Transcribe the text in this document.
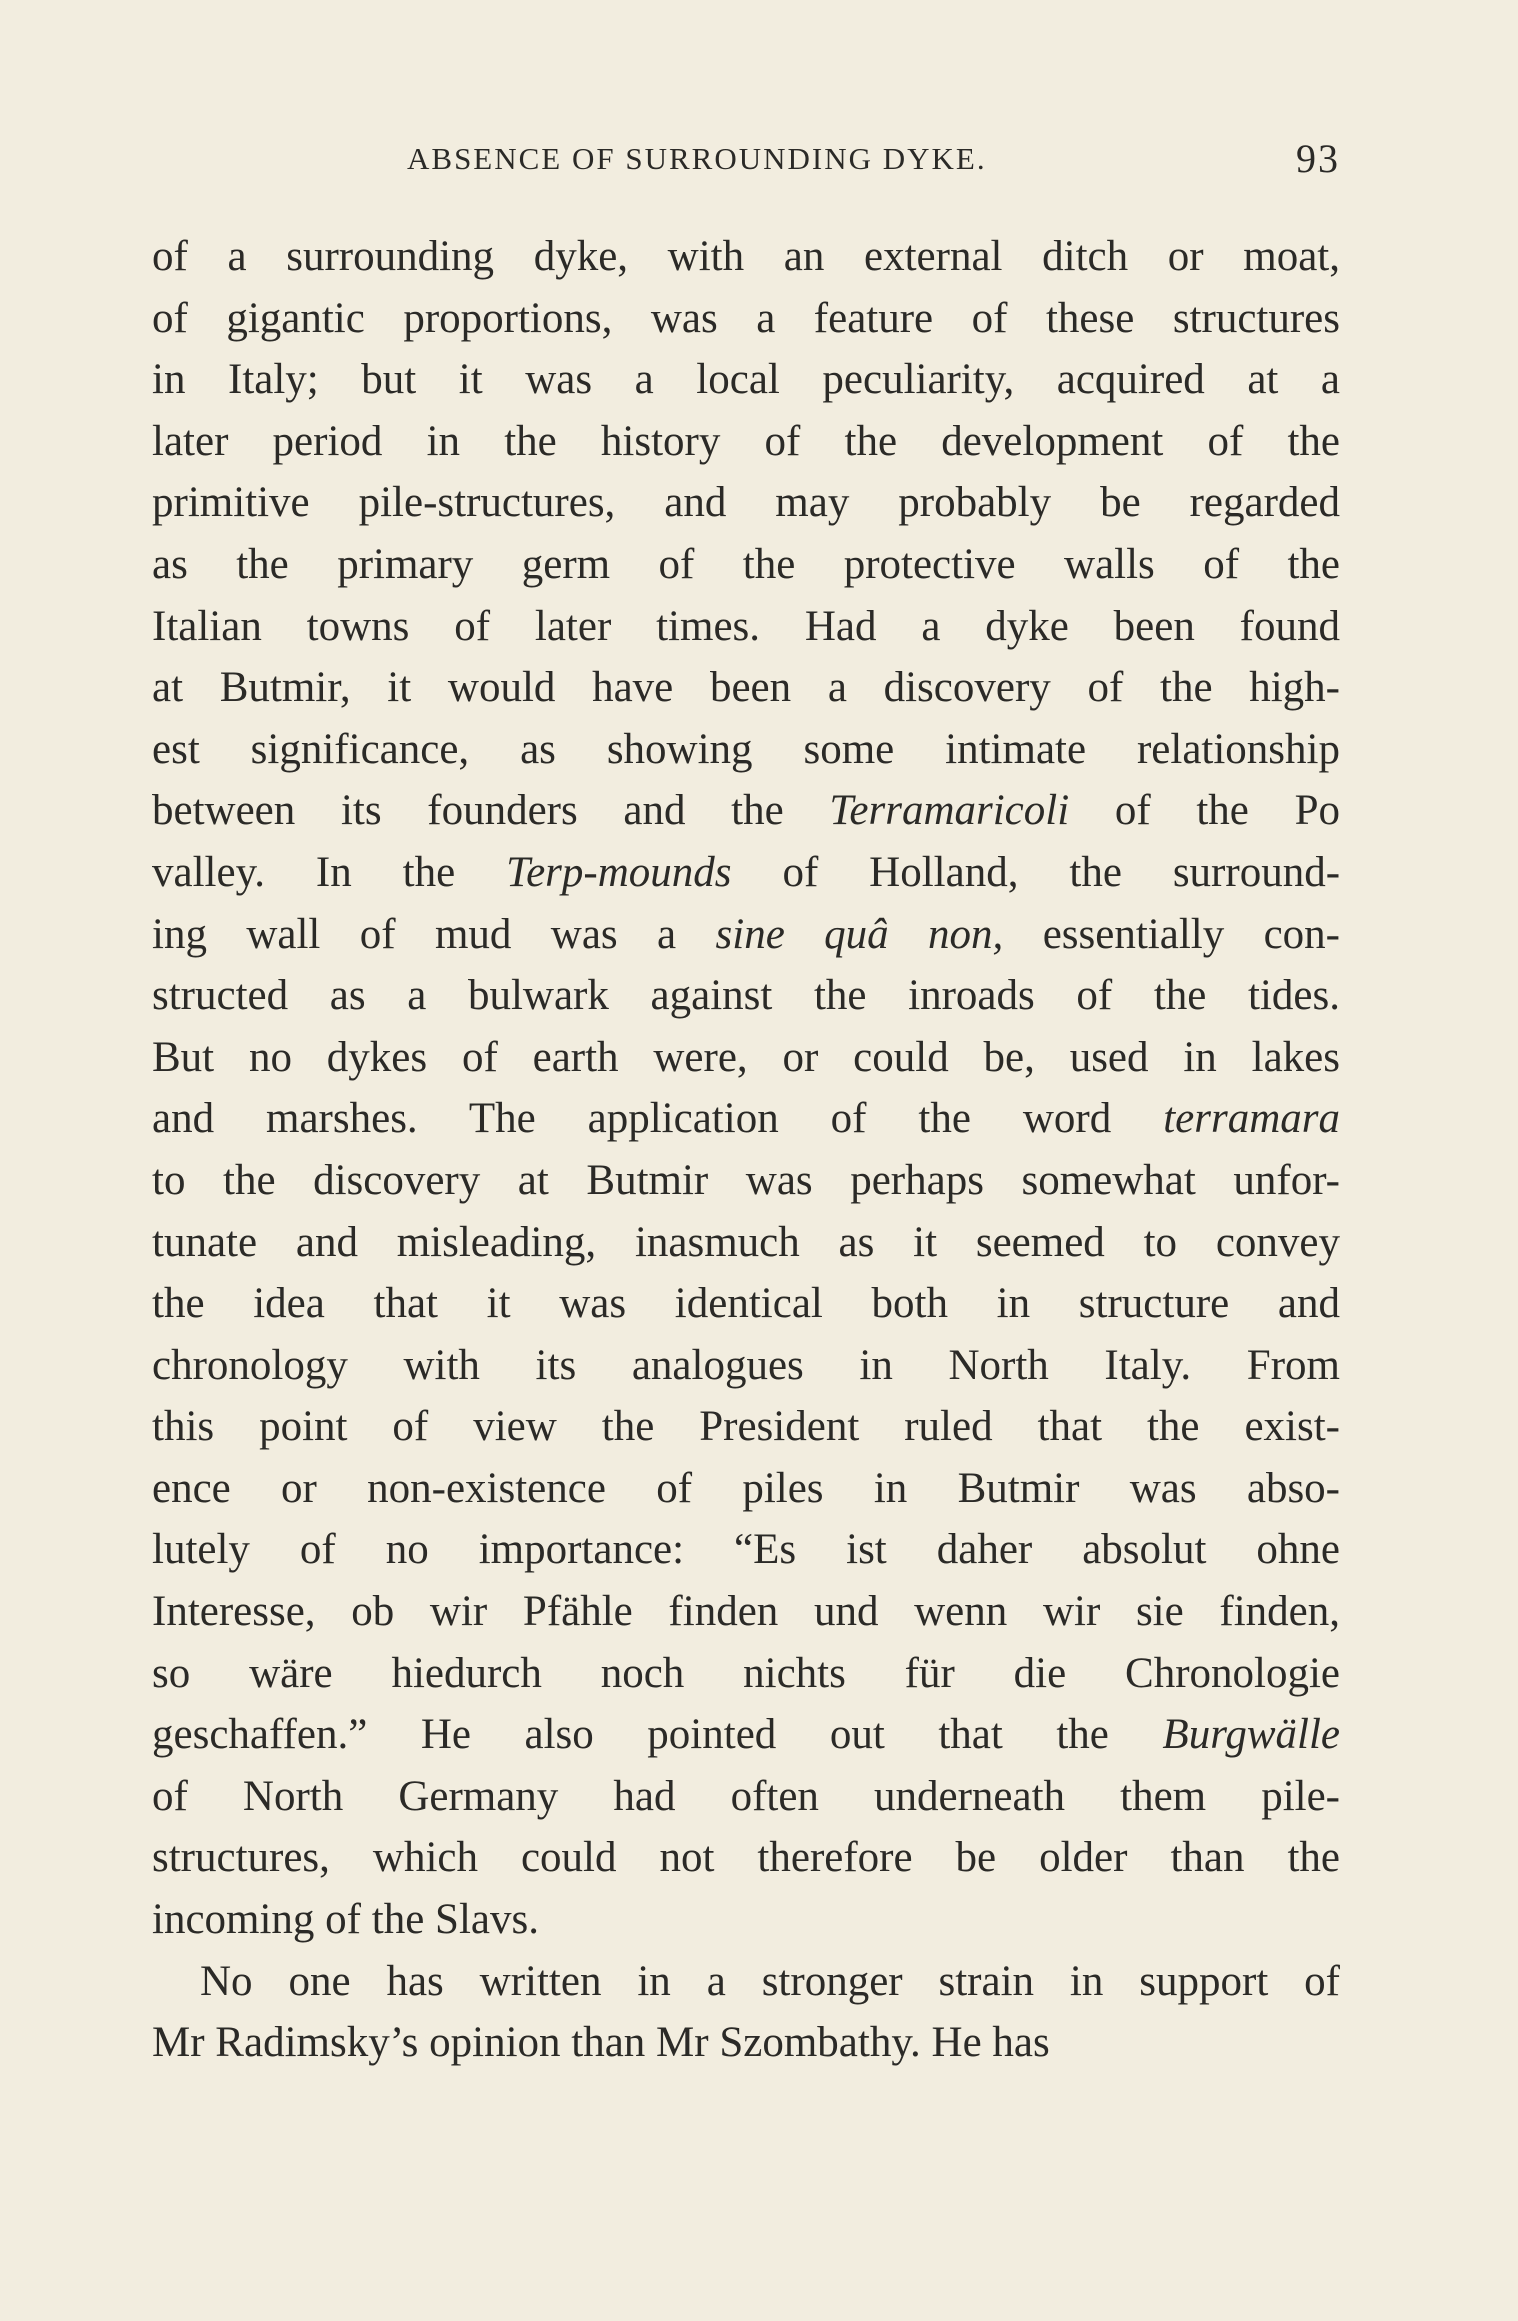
ABSENCE OF SURROUNDING DYKE.	93
of a surrounding dyke, with an external ditch or moat,
of gigantic proportions, was a feature of these structures
in Italy; but it was a local peculiarity, acquired at a
later period in the history of the development of the
primitive pile-structures, and may probably be regarded
as the primary germ of the protective walls of the
Italian towns of later times. Had a dyke been found
at Butmir, it would have been a discovery of the high-
est significance, as showing some intimate relationship
between its founders and the Terramaricoli of the Po
valley. In the Terp-mounds of Holland, the surround-
ing wall of mud was a sine quâ non, essentially con-
structed as a bulwark against the inroads of the tides.
But no dykes of earth were, or could be, used in lakes
and marshes. The application of the word terramara
to the discovery at Butmir was perhaps somewhat unfor-
tunate and misleading, inasmuch as it seemed to convey
the idea that it was identical both in structure and
chronology with its analogues in North Italy. From
this point of view the President ruled that the exist-
ence or non-existence of piles in Butmir was abso-
lutely of no importance: “Es ist daher absolut ohne
Interesse, ob wir Pfähle finden und wenn wir sie finden,
so wäre hiedurch noch nichts für die Chronologie
geschaffen.” He also pointed out that the Burgwälle
of North Germany had often underneath them pile-
structures, which could not therefore be older than the
incoming of the Slavs.
No one has written in a stronger strain in support of
Mr Radimsky’s opinion than Mr Szombathy. He has
